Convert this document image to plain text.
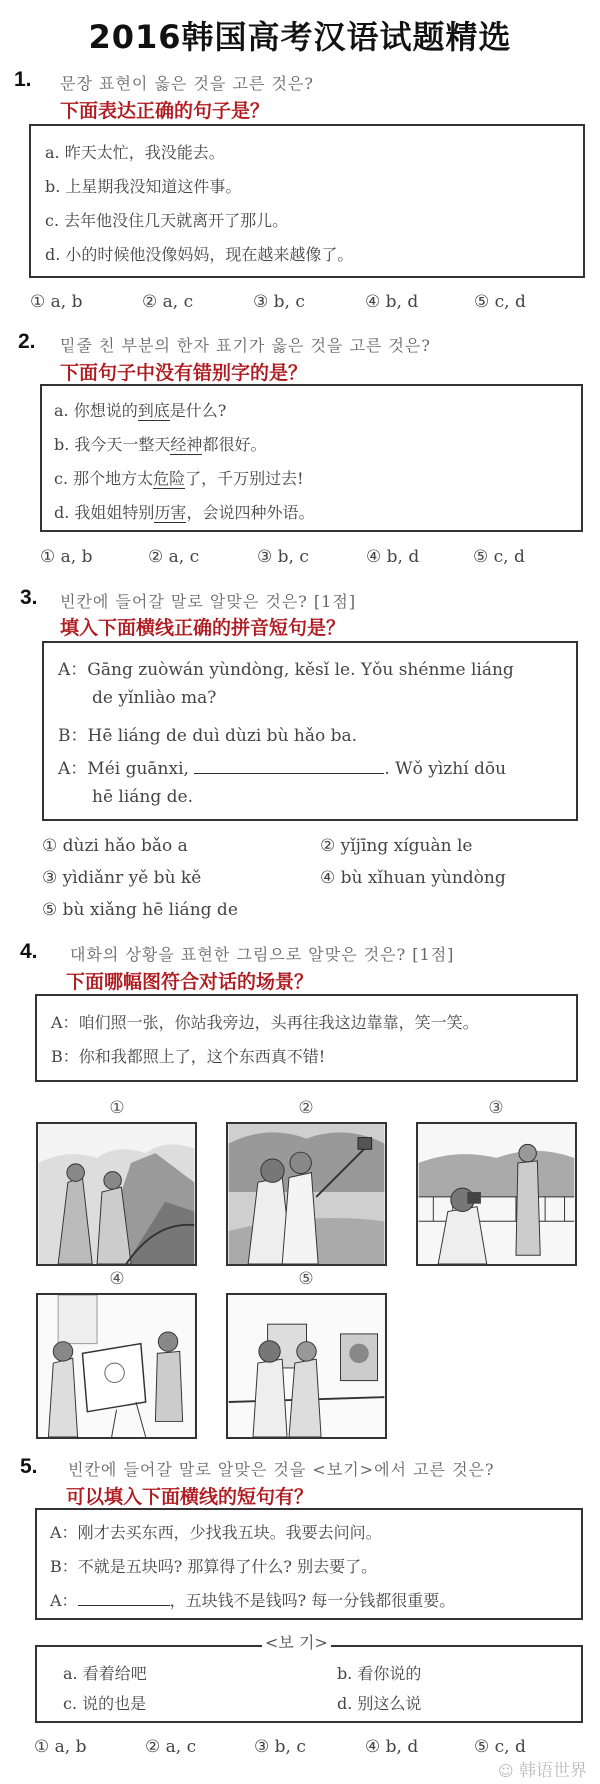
2016韩国高考汉语试题精选
1. 문장 표현이 옳은 것을 고른 것은?
下面表达正确的句子是？
a. 昨天太忙，我没能去。
b. 上星期我没知道这件事。
c. 去年他没住几天就离开了那儿。
d. 小的时候他没像妈妈，现在越来越像了。
① a, b	② a, c	③ b, c	④ b, d	⑤ c, d
2. 밑줄 친 부분의 한자 표기가 옳은 것을 고른 것은?
下面句子中没有错别字的是？
a. 你想说的到底是什么?
b. 我今天一整天经神都很好。
c. 那个地方太危险了，千万别过去!
d. 我姐姐特别历害，会说四种外语。
① a, b	② a, c	③ b, c	④ b, d	⑤ c, d
3. 빈칸에 들어갈 말로 알맞은 것은? [1점]
填入下面横线正确的拼音短句是？
A：Gāng zuòwán yùndòng, kěsǐ le. Yǒu shénme liáng
de yǐnliào ma?
B：Hē liáng de duì dùzi bù hǎo ba.
A：Méi guānxi,	. Wǒ yìzhí dōu
hē liáng de.
① dùzi hǎo bǎo a	② yǐjīng xíguàn le
③ yìdiǎnr yě bù kě	④ bù xǐhuan yùndòng
⑤ bù xiǎng hē liáng de
4. 대화의 상황을 표현한 그림으로 알맞은 것은? [1점]
下面哪幅图符合对话的场景？
A：咱们照一张，你站我旁边，头再往我这边靠靠，笑一笑。
B：你和我都照上了，这个东西真不错!
①	②	③
④	⑤
5. 빈칸에 들어갈 말로 알맞은 것을 <보기>에서 고른 것은?
可以填入下面横线的短句有？
A：刚才去买东西，少找我五块。我要去问问。
B：不就是五块吗? 那算得了什么? 别去要了。
A：	，五块钱不是钱吗? 每一分钱都很重要。
a. 看着给吧	b. 看你说的
c. 说的也是	d. 别这么说
<보 기>
① a, b	② a, c	③ b, c	④ b, d	⑤ c, d
☺ 韩语世界
